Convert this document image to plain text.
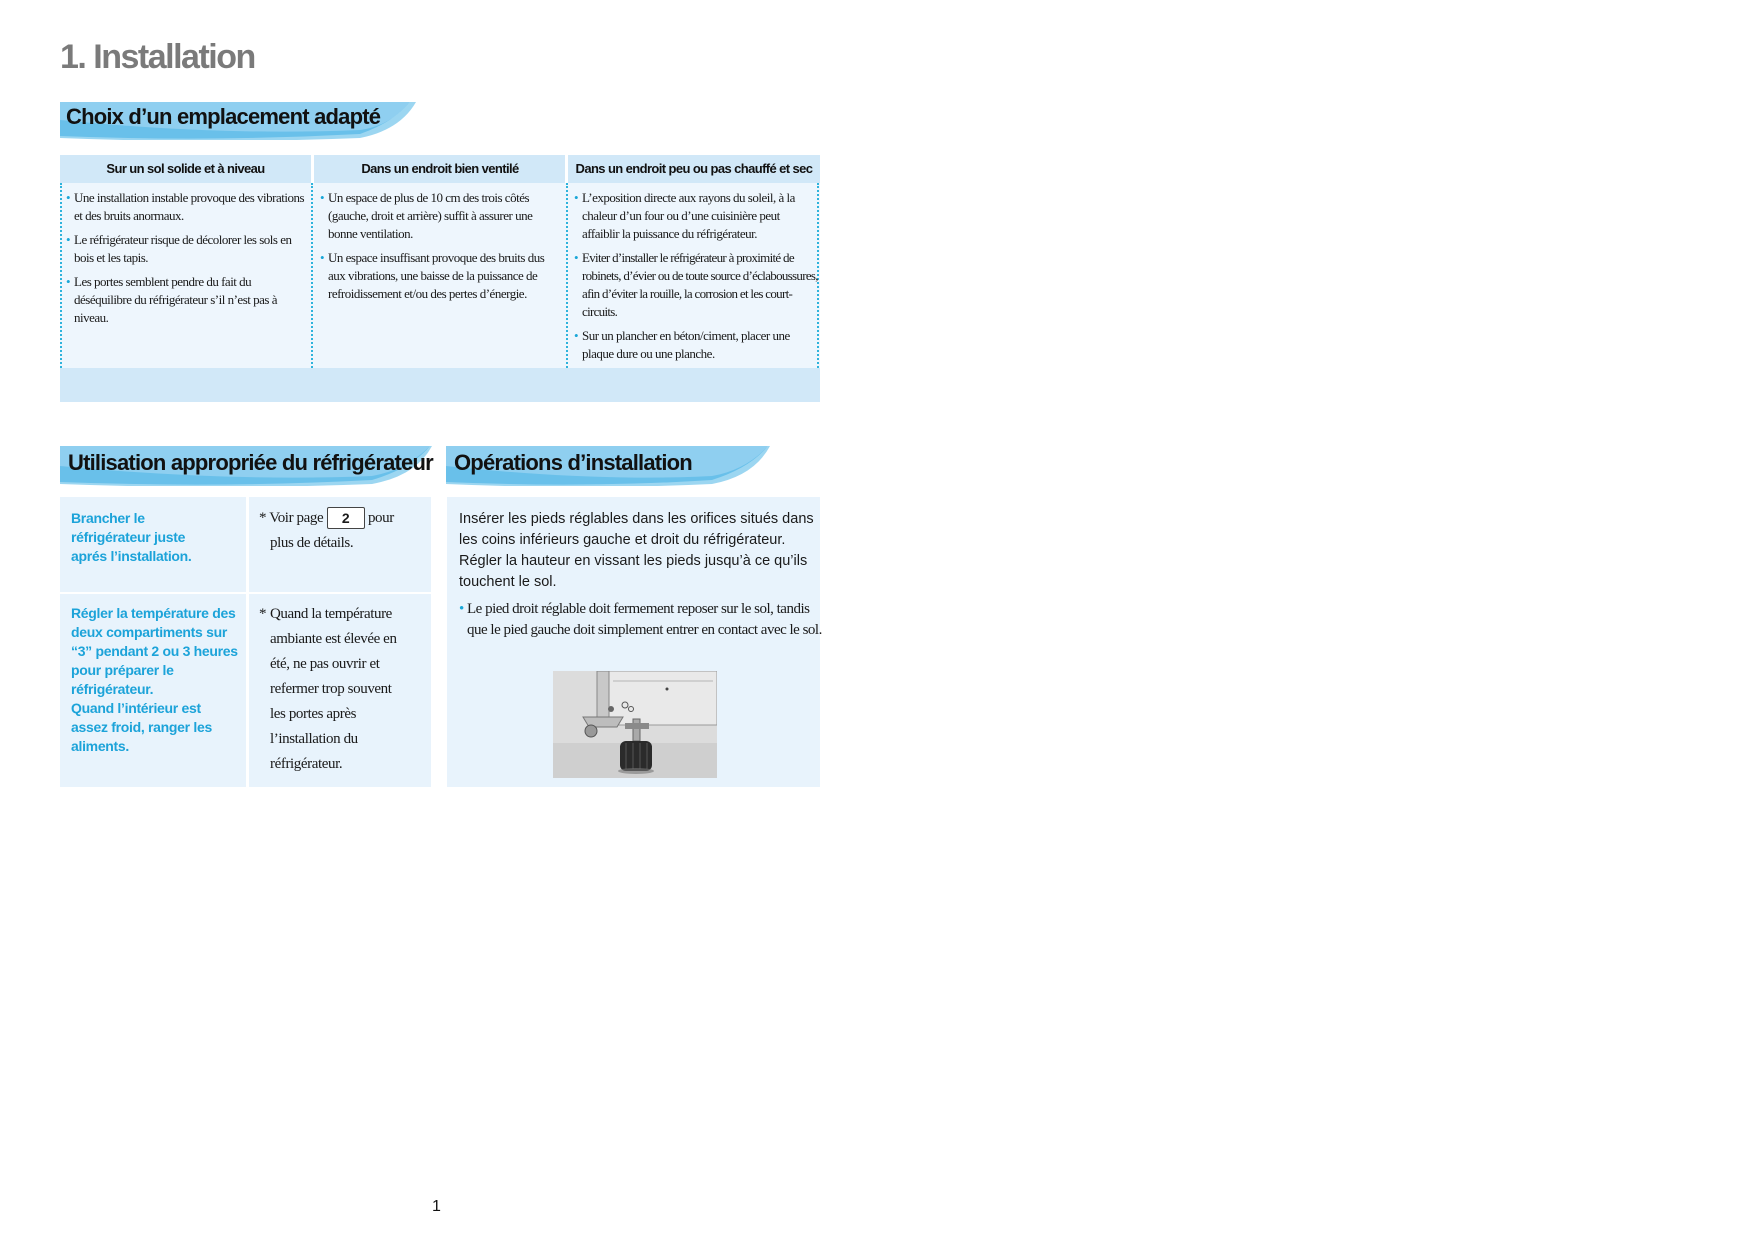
1. Installation
Choix d’un emplacement adapté
Sur un sol solide et à niveau
• Une installation instable provoque des vibrations et des bruits anormaux.
• Le réfrigérateur risque de décolorer les sols en bois et les tapis.
• Les portes semblent pendre du fait du déséquilibre du réfrigérateur s’il n’est pas à niveau.
Dans un endroit bien ventilé
• Un espace de plus de 10 cm des trois côtés (gauche, droit et arrière) suffit à assurer une bonne ventilation.
• Un espace insuffisant provoque des bruits dus aux vibrations, une baisse de la puissance de refroidissement et/ou des pertes d’énergie.
Dans un endroit peu ou pas chauffé et sec
• L’exposition directe aux rayons du soleil, à la chaleur d’un four ou d’une cuisinière peut affaiblir la puissance du réfrigérateur.
• Eviter d’installer le réfrigérateur à proximité de robinets, d’évier ou de toute source d’éclaboussures, afin d’éviter la rouille, la corrosion et les court-circuits.
• Sur un plancher en béton/ciment, placer une plaque dure ou une planche.
Utilisation appropriée du réfrigérateur Opérations d’installation
Brancher le réfrigérateur juste aprés l’installation.
* Voir page 2 pour
plus de détails.
Régler la température des deux compartiments sur “3” pendant 2 ou 3 heures pour préparer le réfrigérateur.
Quand l’intérieur est assez froid, ranger les aliments.
* Quand la température ambiante est élevée en été, ne pas ouvrir et refermer trop souvent les portes après l’installation du réfrigérateur.
Insérer les pieds réglables dans les orifices situés dans les coins inférieurs gauche et droit du réfrigérateur. Régler la hauteur en vissant les pieds jusqu’à ce qu’ils touchent le sol.
• Le pied droit réglable doit fermement reposer sur le sol, tandis que le pied gauche doit simplement entrer en contact avec le sol.
1
